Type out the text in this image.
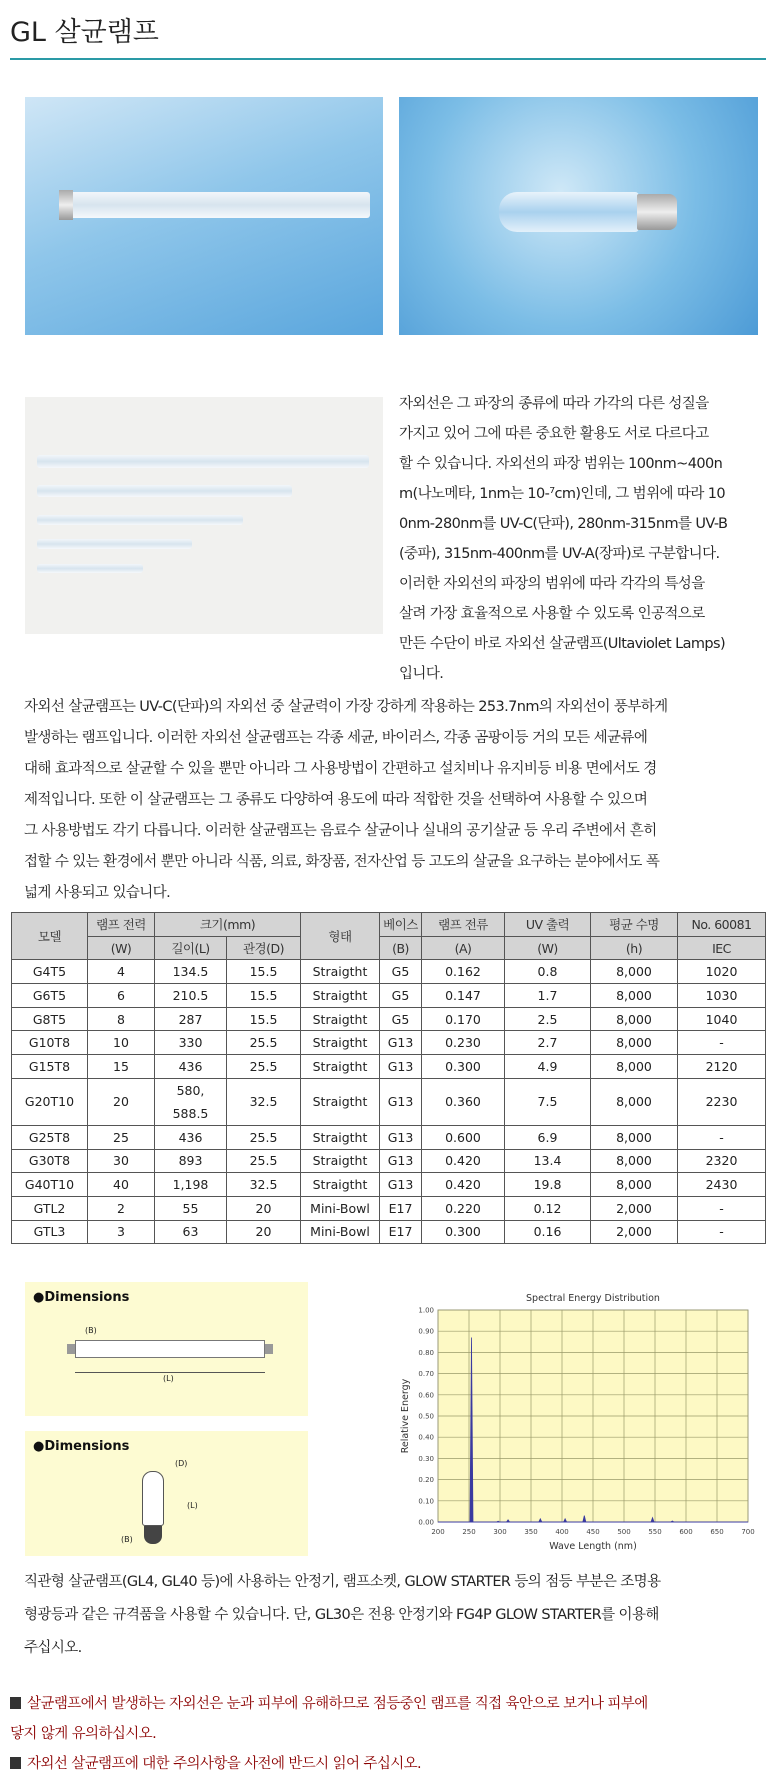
GL 살균램프
자외선은 그 파장의 종류에 따라 가각의 다른 성질을
가지고 있어 그에 따른 중요한 활용도 서로 다르다고
할 수 있습니다. 자외선의 파장 범위는 100nm~400n
m(나노메타, 1nm는 10-⁷cm)인데, 그 범위에 따라 10
0nm-280nm를 UV-C(단파), 280nm-315nm를 UV-B
(중파), 315nm-400nm를 UV-A(장파)로 구분합니다.
이러한 자외선의 파장의 범위에 따라 각각의 특성을
살려 가장 효율적으로 사용할 수 있도록 인공적으로
만든 수단이 바로 자외선 살균램프(Ultaviolet Lamps)
입니다.
자외선 살균램프는 UV-C(단파)의 자외선 중 살균력이 가장 강하게 작용하는 253.7nm의 자외선이 풍부하게
발생하는 램프입니다. 이러한 자외선 살균램프는 각종 세균, 바이러스, 각종 곰팡이등 거의 모든 세균류에
대해 효과적으로 살균할 수 있을 뿐만 아니라 그 사용방법이 간편하고 설치비나 유지비등 비용 면에서도 경
제적입니다. 또한 이 살균램프는 그 종류도 다양하여 용도에 따라 적합한 것을 선택하여 사용할 수 있으며
그 사용방법도 각기 다릅니다. 이러한 살균램프는 음료수 살균이나 실내의 공기살균 등 우리 주변에서 흔히
접할 수 있는 환경에서 뿐만 아니라 식품, 의료, 화장품, 전자산업 등 고도의 살균을 요구하는 분야에서도 폭
넓게 사용되고 있습니다.
모델	램프 전력	크기(mm)		형태	베이스	램프 전류	UV 출력	평균 수명	No. 60081
	(W)	길이(L)	관경(D)		(B)	(A)	(W)	(h)	IEC
G4T5	4	134.5	15.5	Straigtht	G5	0.162	0.8	8,000	1020
G6T5	6	210.5	15.5	Straigtht	G5	0.147	1.7	8,000	1030
G8T5	8	287	15.5	Straigtht	G5	0.170	2.5	8,000	1040
G10T8	10	330	25.5	Straigtht	G13	0.230	2.7	8,000	-
G15T8	15	436	25.5	Straigtht	G13	0.300	4.9	8,000	2120
G20T10	20	580,
588.5	32.5	Straigtht	G13	0.360	7.5	8,000	2230
G25T8	25	436	25.5	Straigtht	G13	0.600	6.9	8,000	-
G30T8	30	893	25.5	Straigtht	G13	0.420	13.4	8,000	2320
G40T10	40	1,198	32.5	Straigtht	G13	0.420	19.8	8,000	2430
GTL2	2	55	20	Mini-Bowl	E17	0.220	0.12	2,000	-
GTL3	3	63	20	Mini-Bowl	E17	0.300	0.16	2,000	-
●Dimensions
(B)
(L)
●Dimensions
(D)
(L)
(B)
200	250	300	350	400	450	500	550	600	650	700
0.00
0.10
0.20
0.30
0.40
0.50
0.60
0.70
0.80
0.90
1.00
Spectral Energy Distribution
Wave Length (nm)
Relative Energy
직관형 살균램프(GL4, GL40 등)에 사용하는 안정기, 램프소켓, GLOW STARTER 등의 점등 부분은 조명용
형광등과 같은 규격품을 사용할 수 있습니다. 단, GL30은 전용 안정기와 FG4P GLOW STARTER를 이용해
주십시오.
살균램프에서 발생하는 자외선은 눈과 피부에 유해하므로 점등중인 램프를 직접 육안으로 보거나 피부에
닿지 않게 유의하십시오.
자외선 살균램프에 대한 주의사항을 사전에 반드시 읽어 주십시오.
